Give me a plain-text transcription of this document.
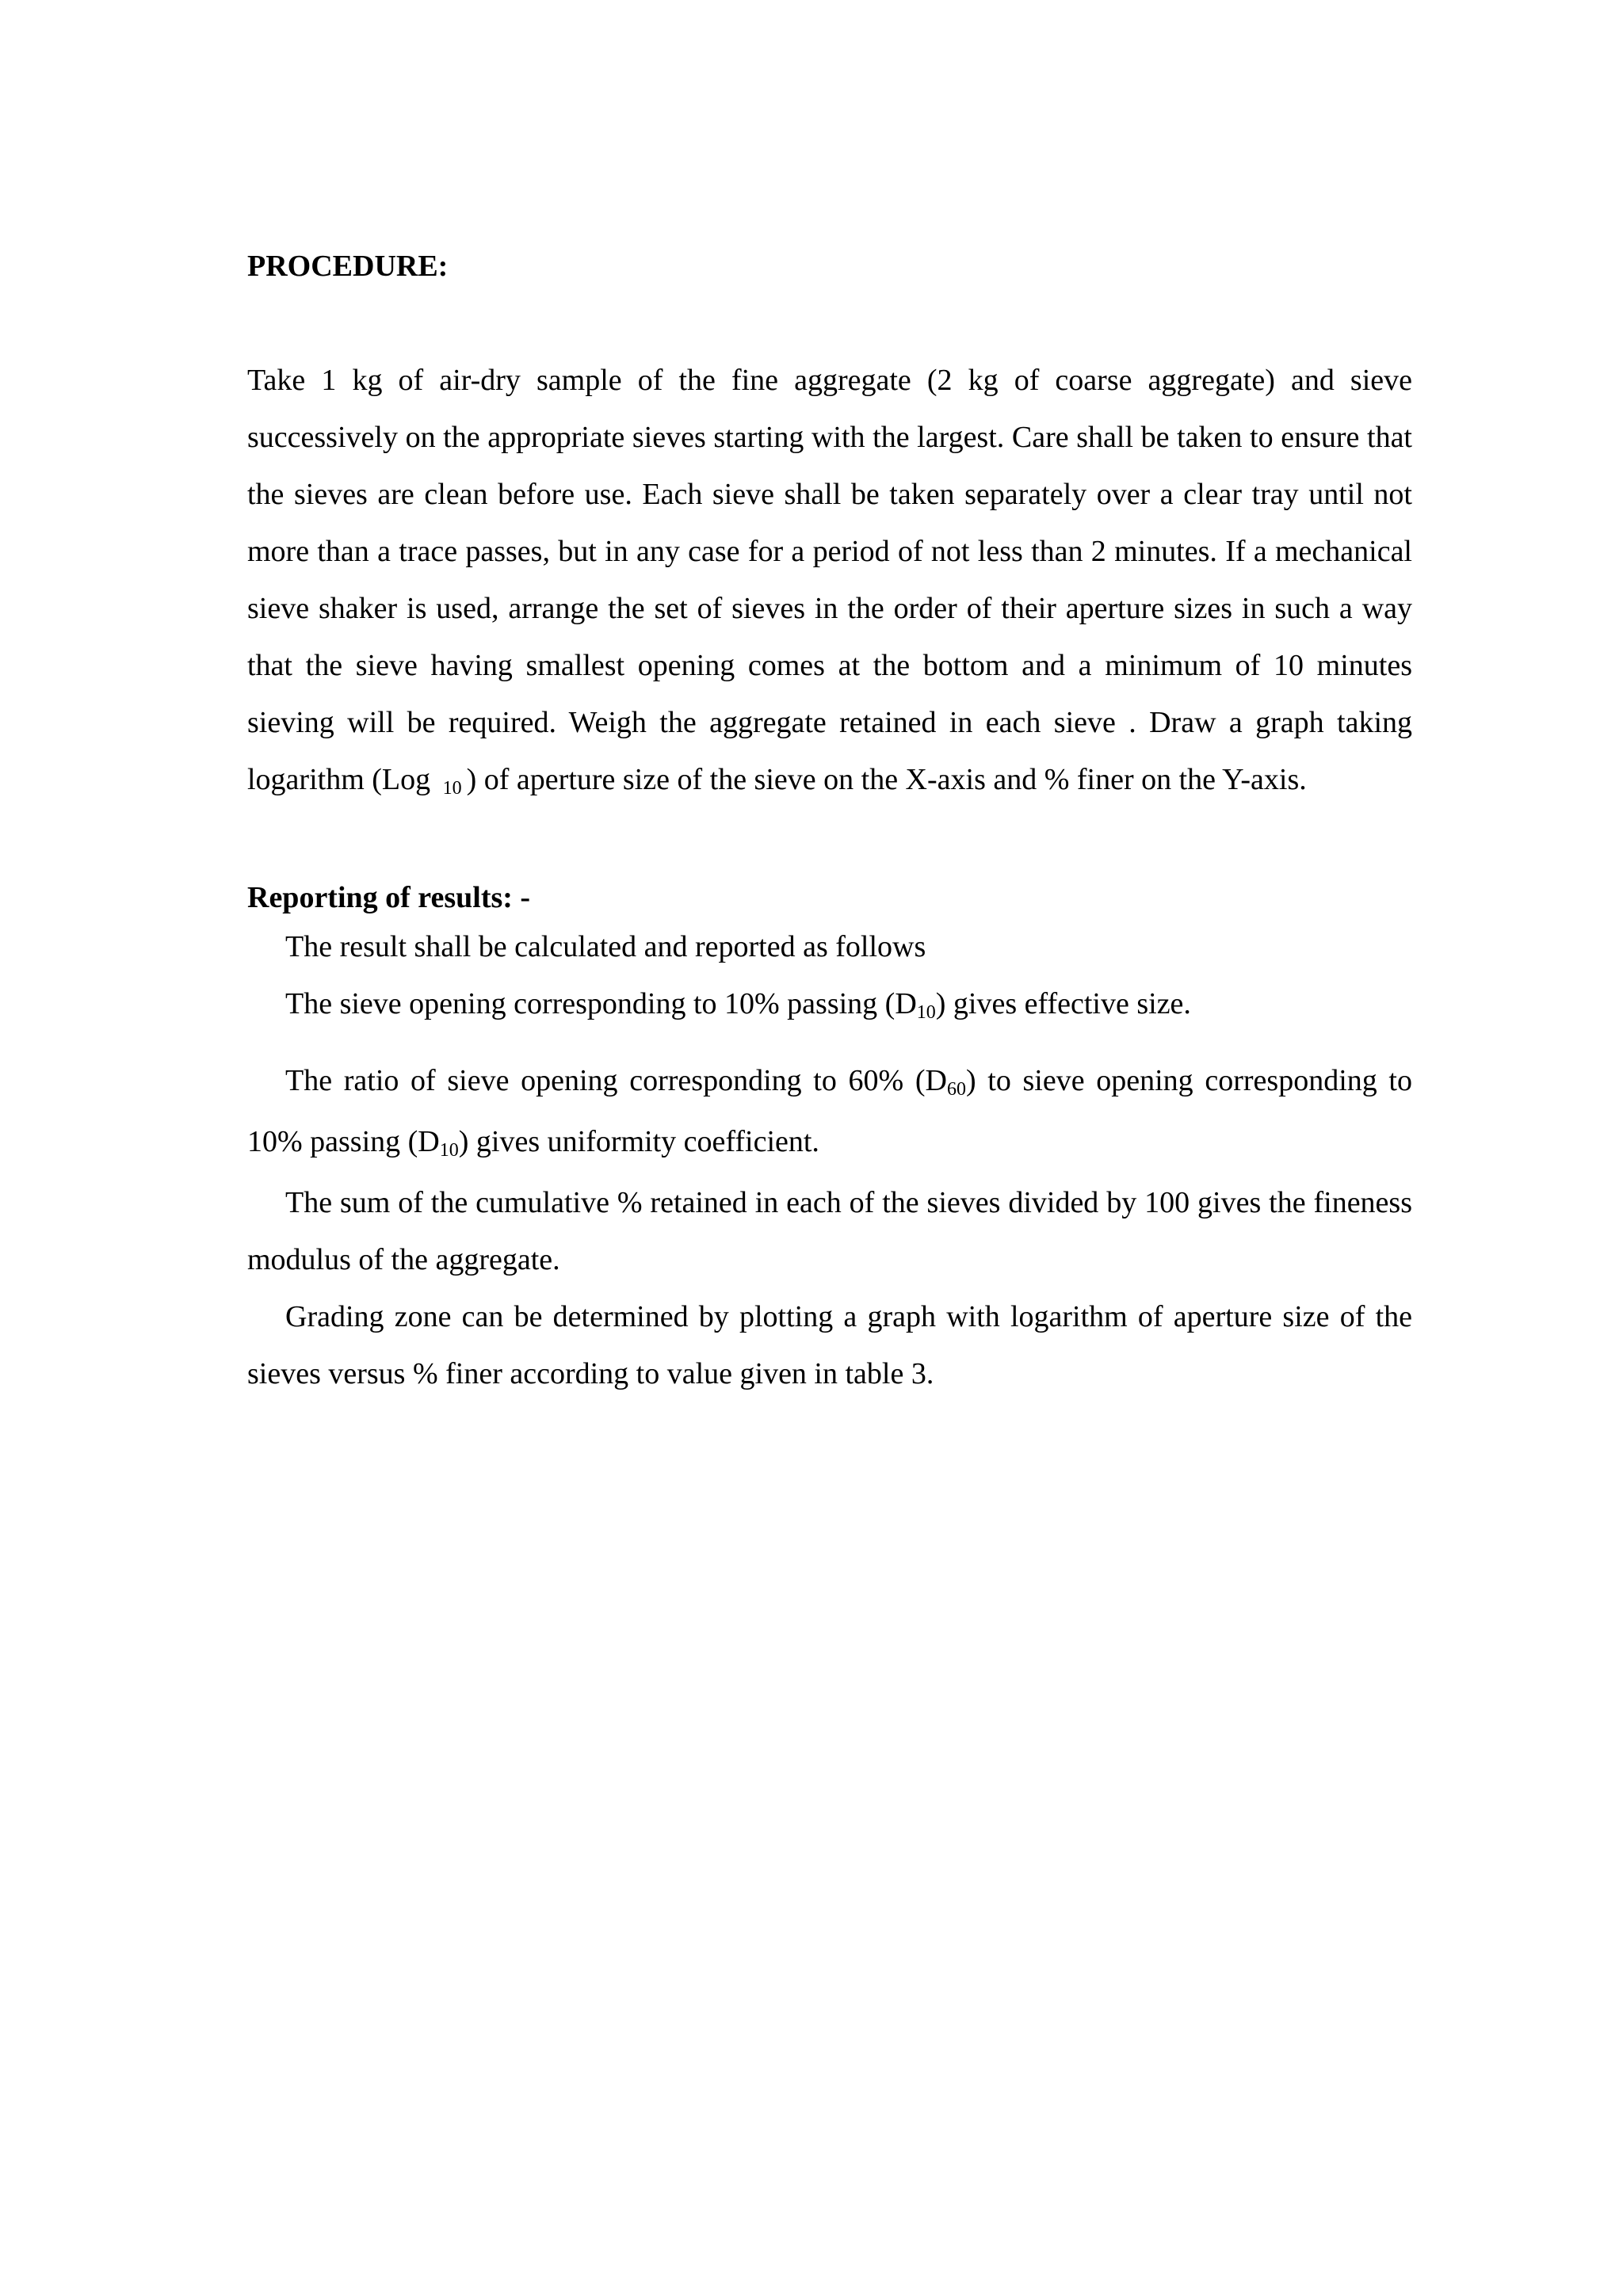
PROCEDURE:

Take 1 kg of air-dry sample of the fine aggregate (2 kg of coarse aggregate) and sieve successively on the appropriate sieves starting with the largest. Care shall be taken to ensure that the sieves are clean before use. Each sieve shall be taken separately over a clear tray until not more than a trace passes, but in any case for a period of not less than 2 minutes. If a mechanical sieve shaker is used, arrange the set of sieves in the order of their aperture sizes in such a way that the sieve having smallest opening comes at the bottom and a minimum of 10 minutes sieving will be required. Weigh the aggregate retained in each sieve . Draw a graph taking logarithm (Log 10 ) of aperture size of the sieve on the X-axis and % finer on the Y-axis.

Reporting of results: -

The result shall be calculated and reported as follows

The sieve opening corresponding to 10% passing (D10) gives effective size.

The ratio of sieve opening corresponding to 60% (D60) to sieve opening corresponding to 10% passing (D10) gives uniformity coefficient.

The sum of the cumulative % retained in each of the sieves divided by 100 gives the fineness modulus of the aggregate.

Grading zone can be determined by plotting a graph with logarithm of aperture size of the sieves versus % finer according to value given in table 3.
